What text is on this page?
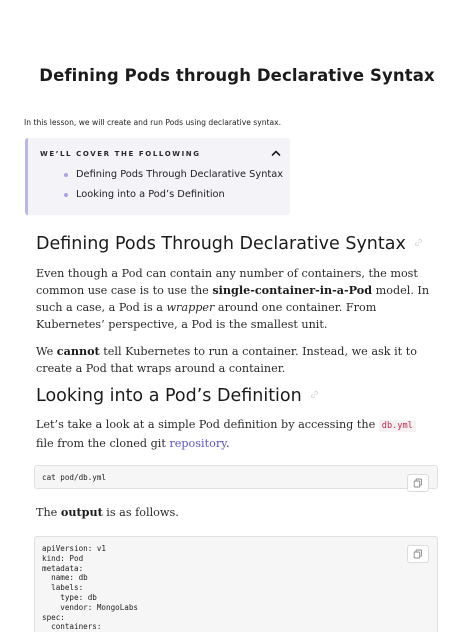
Defining Pods through Declarative Syntax

In this lesson, we will create and run Pods using declarative syntax.

WE’LL COVER THE FOLLOWING
Defining Pods Through Declarative Syntax
Looking into a Pod’s Definition
Defining Pods Through Declarative Syntax

Even though a Pod can contain any number of containers, the most common use case is to use the single-container-in-a-Pod model. In such a case, a Pod is a wrapper around one container. From Kubernetes’ perspective, a Pod is the smallest unit.

We cannot tell Kubernetes to run a container. Instead, we ask it to create a Pod that wraps around a container.

Looking into a Pod’s Definition

Let’s take a look at a simple Pod definition by accessing the db.yml file from the cloned git repository.

cat pod/db.yml

The output is as follows.

apiVersion: v1
kind: Pod
metadata:
name: db
labels:
type: db
vendor: MongoLabs
spec:
containers:
